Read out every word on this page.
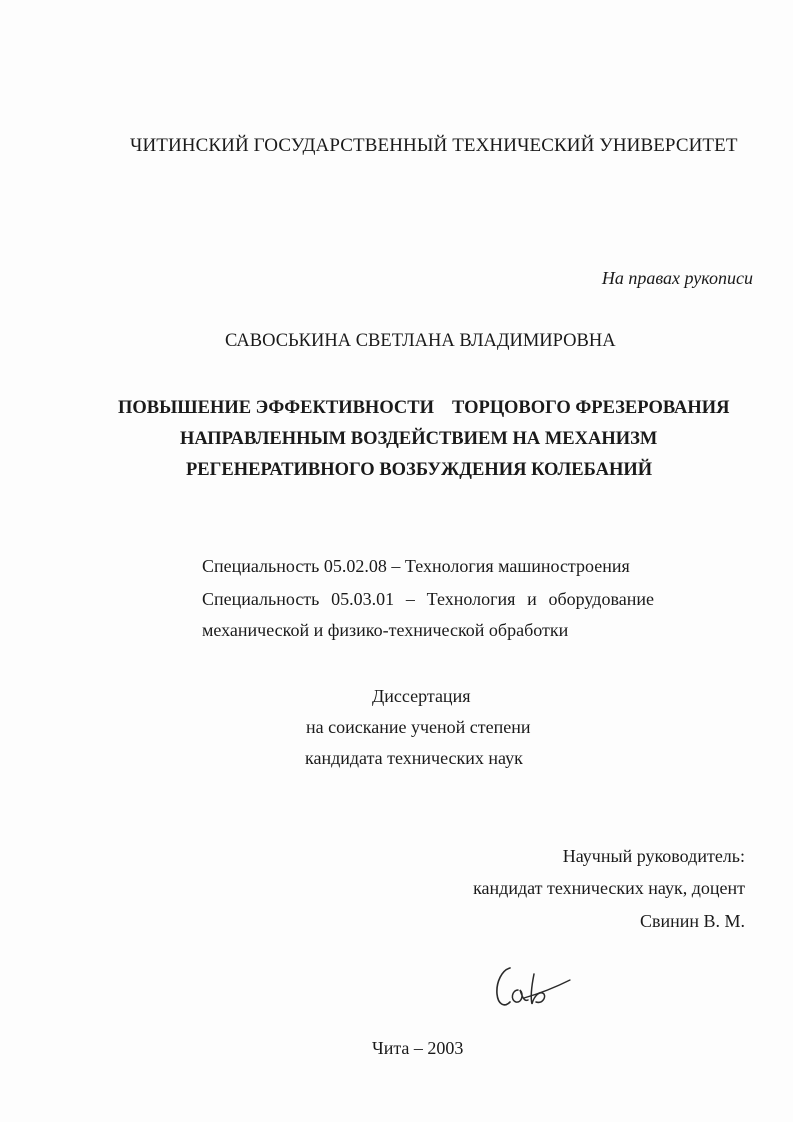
ЧИТИНСКИЙ ГОСУДАРСТВЕННЫЙ ТЕХНИЧЕСКИЙ УНИВЕРСИТЕТ
На правах рукописи
САВОСЬКИНА СВЕТЛАНА ВЛАДИМИРОВНА
ПОВЫШЕНИЕ ЭФФЕКТИВНОСТИ ТОРЦОВОГО ФРЕЗЕРОВАНИЯ
НАПРАВЛЕННЫМ ВОЗДЕЙСТВИЕМ НА МЕХАНИЗМ
РЕГЕНЕРАТИВНОГО ВОЗБУЖДЕНИЯ КОЛЕБАНИЙ
Специальность 05.02.08 – Технология машиностроения
Специальность 05.03.01 – Технология и оборудование
механической и физико-технической обработки
Диссертация
на соискание ученой степени
кандидата технических наук
Научный руководитель:
кандидат технических наук, доцент
Свинин В. М.
Чита – 2003
